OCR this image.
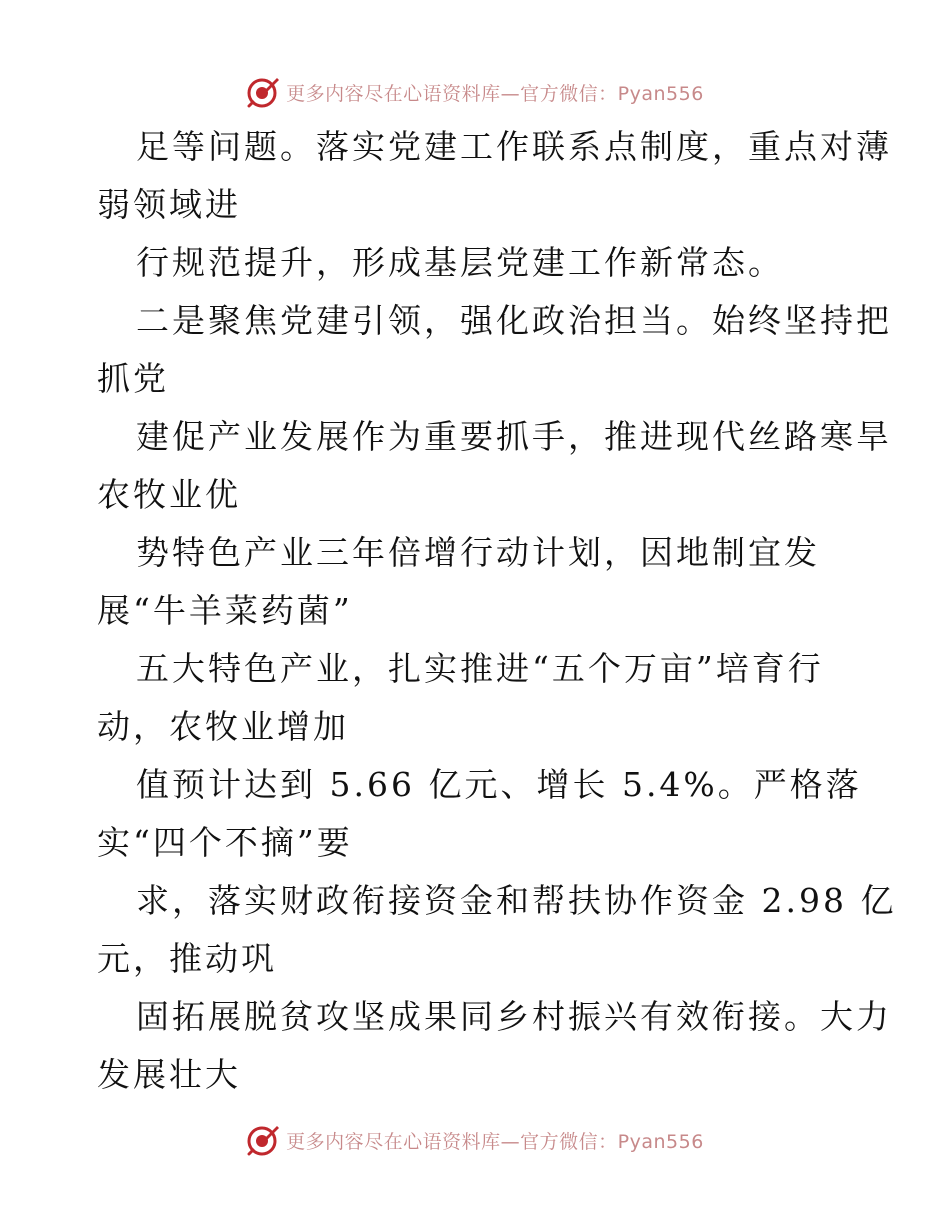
更多内容尽在心语资料库—官方微信：Pyan556

足等问题。落实党建工作联系点制度，重点对薄
弱领域进

行规范提升，形成基层党建工作新常态。

二是聚焦党建引领，强化政治担当。始终坚持把
抓党

建促产业发展作为重要抓手，推进现代丝路寒旱
农牧业优

势特色产业三年倍增行动计划，因地制宜发
展“牛羊菜药菌”

五大特色产业，扎实推进“五个万亩”培育行
动，农牧业增加

值预计达到 5.66 亿元、增长 5.4%。严格落
实“四个不摘”要

求，落实财政衔接资金和帮扶协作资金 2.98 亿
元，推动巩

固拓展脱贫攻坚成果同乡村振兴有效衔接。大力
发展壮大

更多内容尽在心语资料库—官方微信：Pyan556
